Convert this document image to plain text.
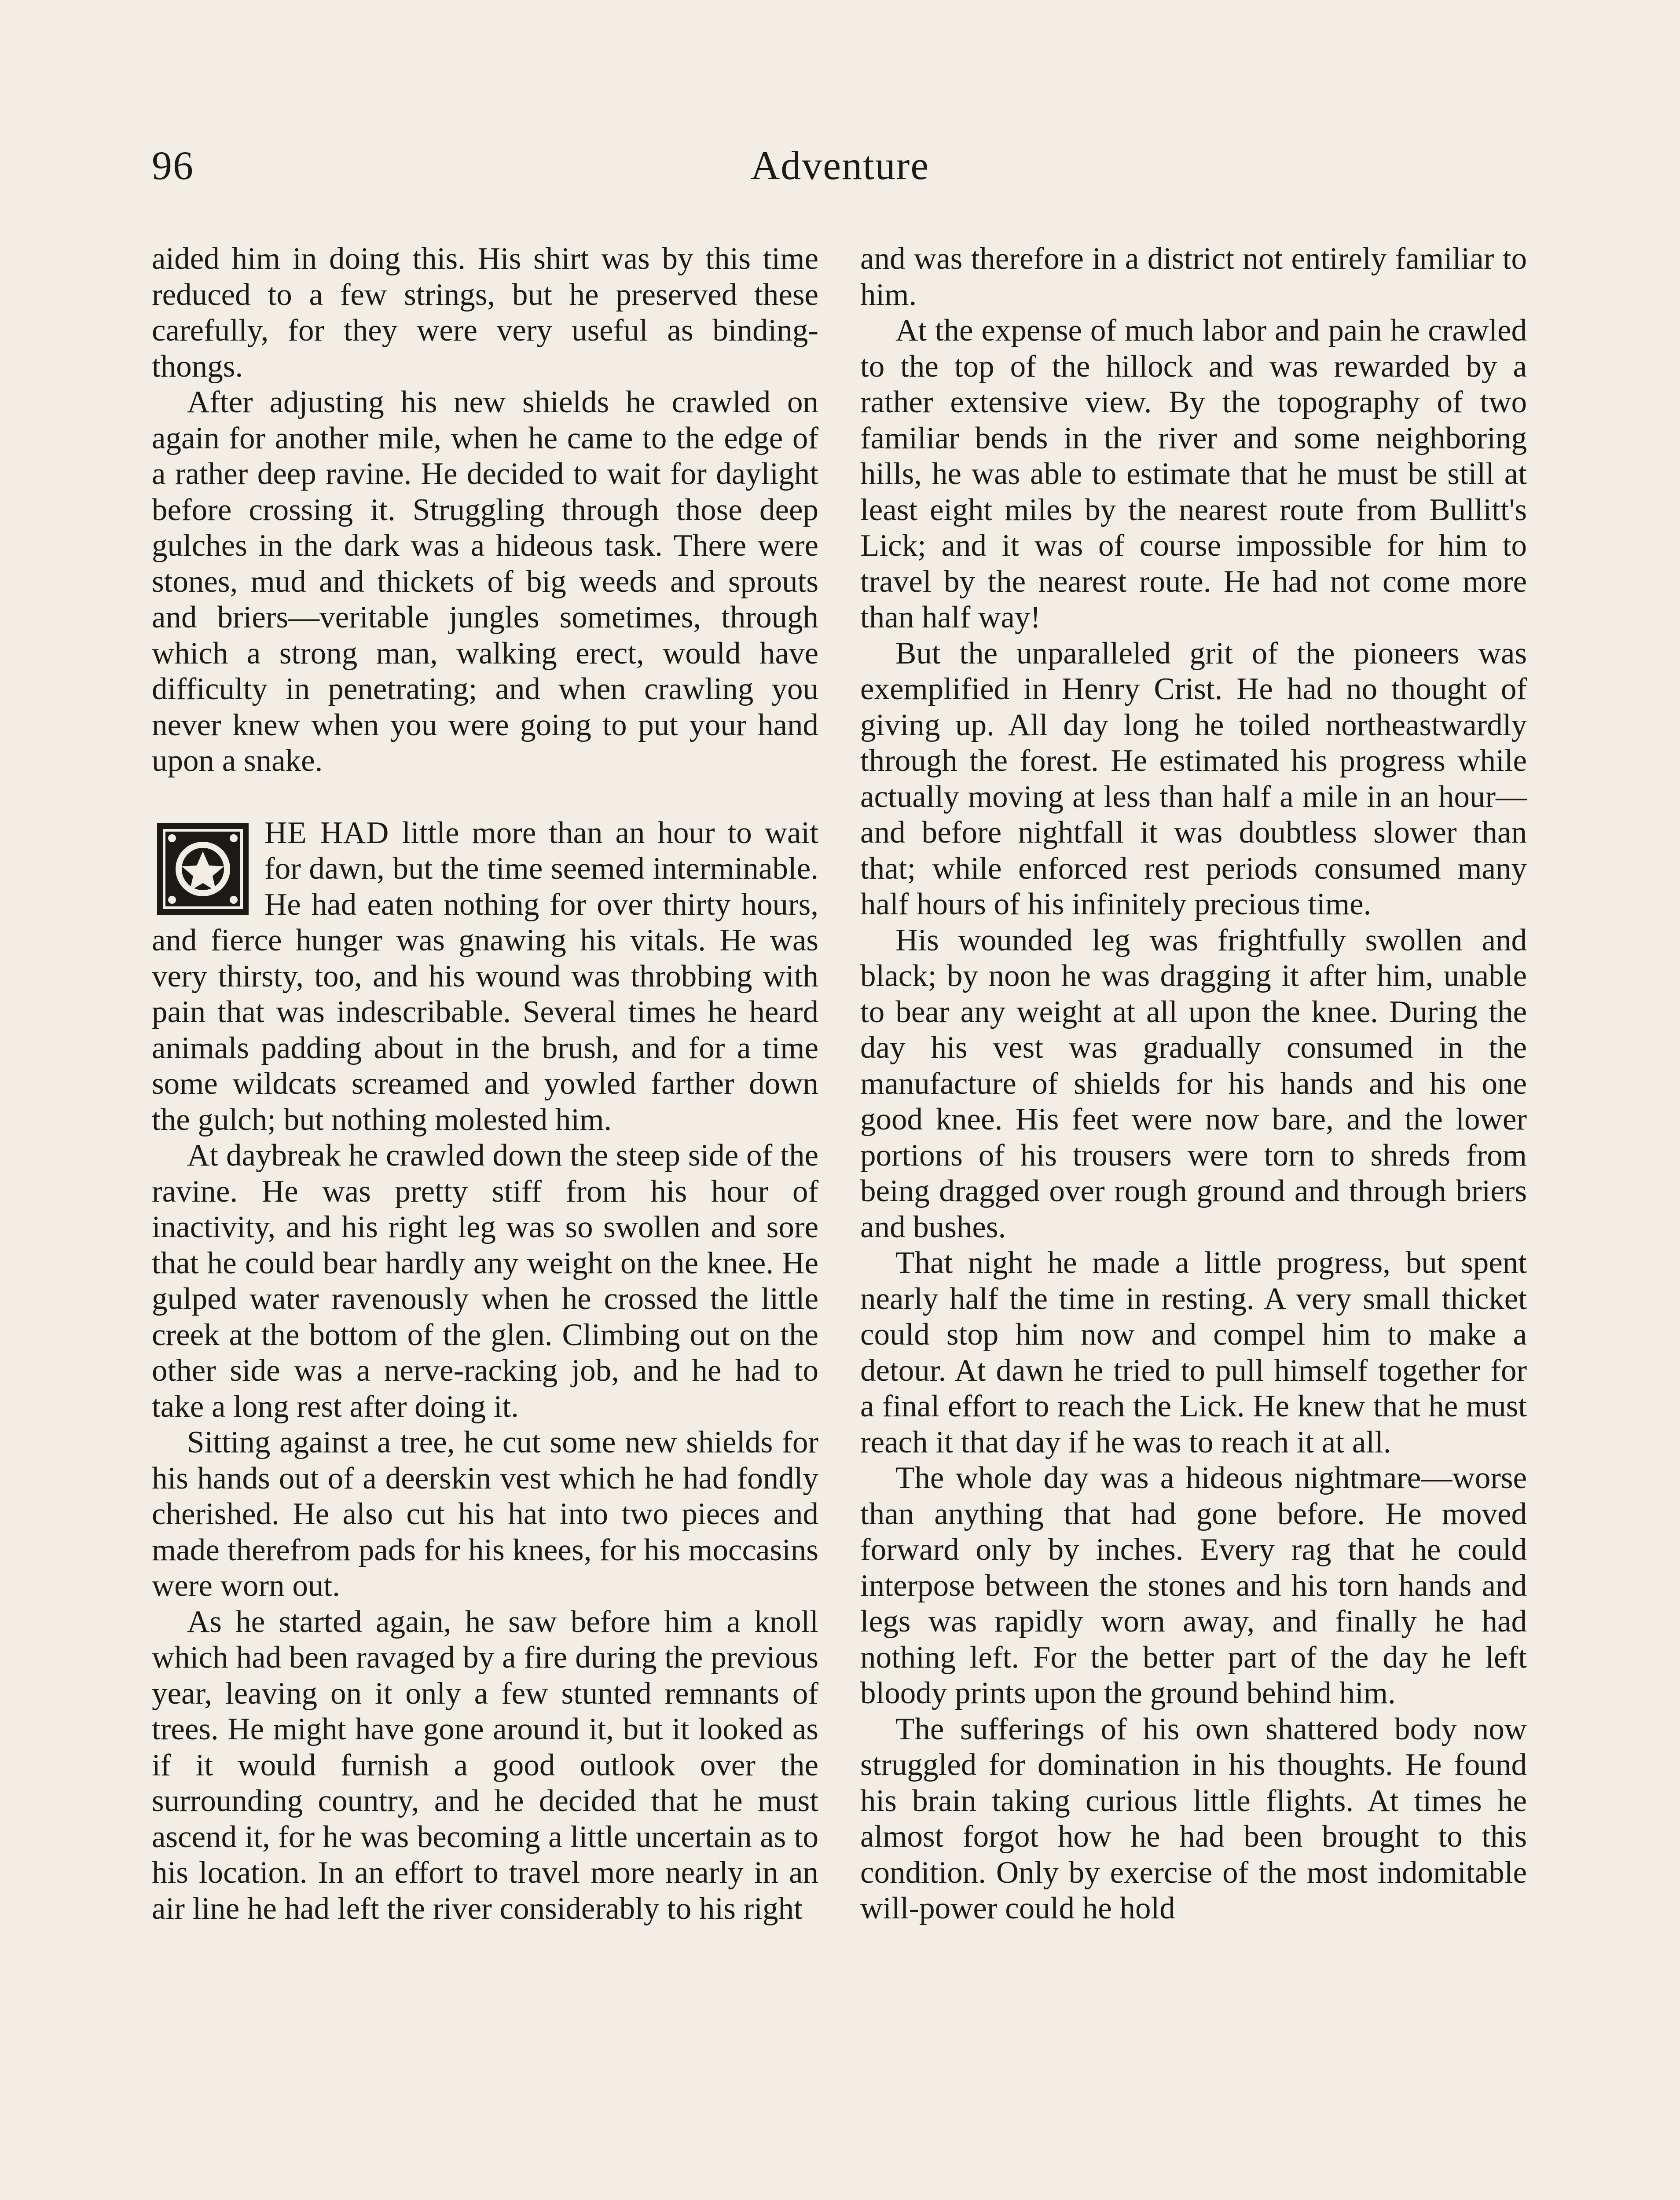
96	Adventure

aided him in doing this. His shirt was by this time reduced to a few strings, but he preserved these carefully, for they were very useful as binding-thongs.

After adjusting his new shields he crawled on again for another mile, when he came to the edge of a rather deep ravine. He decided to wait for daylight before crossing it. Struggling through those deep gulches in the dark was a hideous task. There were stones, mud and thickets of big weeds and sprouts and briers—veritable jungles sometimes, through which a strong man, walking erect, would have difficulty in penetrating; and when crawling you never knew when you were going to put your hand upon a snake.

HE HAD little more than an hour to wait for dawn, but the time seemed interminable. He had eaten nothing for over thirty hours, and fierce hunger was gnawing his vitals. He was very thirsty, too, and his wound was throbbing with pain that was indescribable. Several times he heard animals padding about in the brush, and for a time some wildcats screamed and yowled farther down the gulch; but nothing molested him.

At daybreak he crawled down the steep side of the ravine. He was pretty stiff from his hour of inactivity, and his right leg was so swollen and sore that he could bear hardly any weight on the knee. He gulped water ravenously when he crossed the little creek at the bottom of the glen. Climbing out on the other side was a nerve-racking job, and he had to take a long rest after doing it.

Sitting against a tree, he cut some new shields for his hands out of a deerskin vest which he had fondly cherished. He also cut his hat into two pieces and made therefrom pads for his knees, for his moccasins were worn out.

As he started again, he saw before him a knoll which had been ravaged by a fire during the previous year, leaving on it only a few stunted remnants of trees. He might have gone around it, but it looked as if it would furnish a good outlook over the surrounding country, and he decided that he must ascend it, for he was becoming a little uncertain as to his location. In an effort to travel more nearly in an air line he had left the river considerably to his right

and was therefore in a district not entirely familiar to him.

At the expense of much labor and pain he crawled to the top of the hillock and was rewarded by a rather extensive view. By the topography of two familiar bends in the river and some neighboring hills, he was able to estimate that he must be still at least eight miles by the nearest route from Bullitt's Lick; and it was of course impossible for him to travel by the nearest route. He had not come more than half way!

But the unparalleled grit of the pioneers was exemplified in Henry Crist. He had no thought of giving up. All day long he toiled northeastwardly through the forest. He estimated his progress while actually moving at less than half a mile in an hour—and before nightfall it was doubtless slower than that; while enforced rest periods consumed many half hours of his infinitely precious time.

His wounded leg was frightfully swollen and black; by noon he was dragging it after him, unable to bear any weight at all upon the knee. During the day his vest was gradually consumed in the manufacture of shields for his hands and his one good knee. His feet were now bare, and the lower portions of his trousers were torn to shreds from being dragged over rough ground and through briers and bushes.

That night he made a little progress, but spent nearly half the time in resting. A very small thicket could stop him now and compel him to make a detour. At dawn he tried to pull himself together for a final effort to reach the Lick. He knew that he must reach it that day if he was to reach it at all.

The whole day was a hideous nightmare—worse than anything that had gone before. He moved forward only by inches. Every rag that he could interpose between the stones and his torn hands and legs was rapidly worn away, and finally he had nothing left. For the better part of the day he left bloody prints upon the ground behind him.

The sufferings of his own shattered body now struggled for domination in his thoughts. He found his brain taking curious little flights. At times he almost forgot how he had been brought to this condition. Only by exercise of the most indomitable will-power could he hold
